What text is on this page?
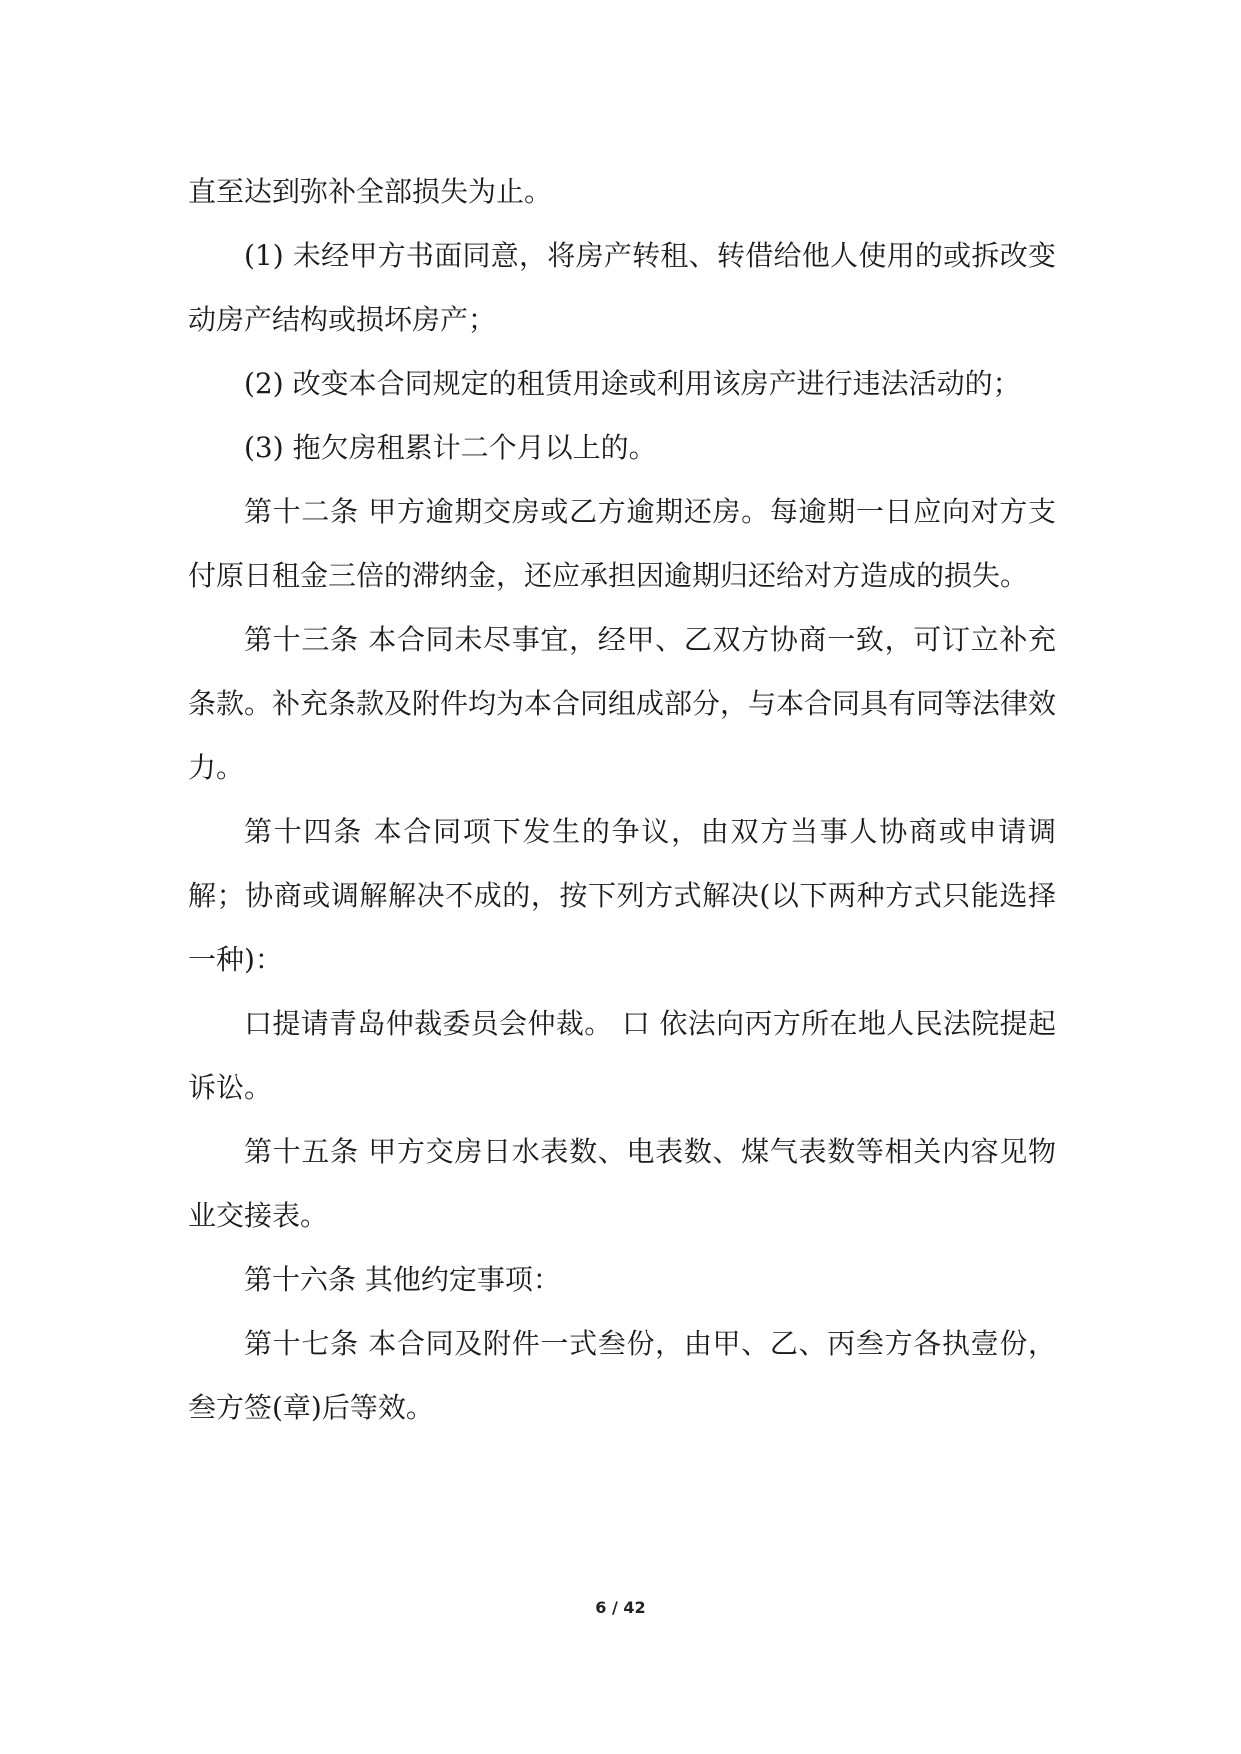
直至达到弥补全部损失为止。

(1) 未经甲方书面同意，将房产转租、转借给他人使用的或拆改变动房产结构或损坏房产；

(2) 改变本合同规定的租赁用途或利用该房产进行违法活动的；

(3) 拖欠房租累计二个月以上的。

第十二条 甲方逾期交房或乙方逾期还房。每逾期一日应向对方支付原日租金三倍的滞纳金，还应承担因逾期归还给对方造成的损失。

第十三条 本合同未尽事宜，经甲、乙双方协商一致，可订立补充条款。补充条款及附件均为本合同组成部分，与本合同具有同等法律效力。

第十四条 本合同项下发生的争议，由双方当事人协商或申请调解；协商或调解解决不成的，按下列方式解决(以下两种方式只能选择一种)：

口提请青岛仲裁委员会仲裁。 口 依法向丙方所在地人民法院提起诉讼。

第十五条 甲方交房日水表数、电表数、煤气表数等相关内容见物业交接表。

第十六条 其他约定事项：

第十七条 本合同及附件一式叁份，由甲、乙、丙叁方各执壹份，叁方签(章)后等效。

6 / 42
